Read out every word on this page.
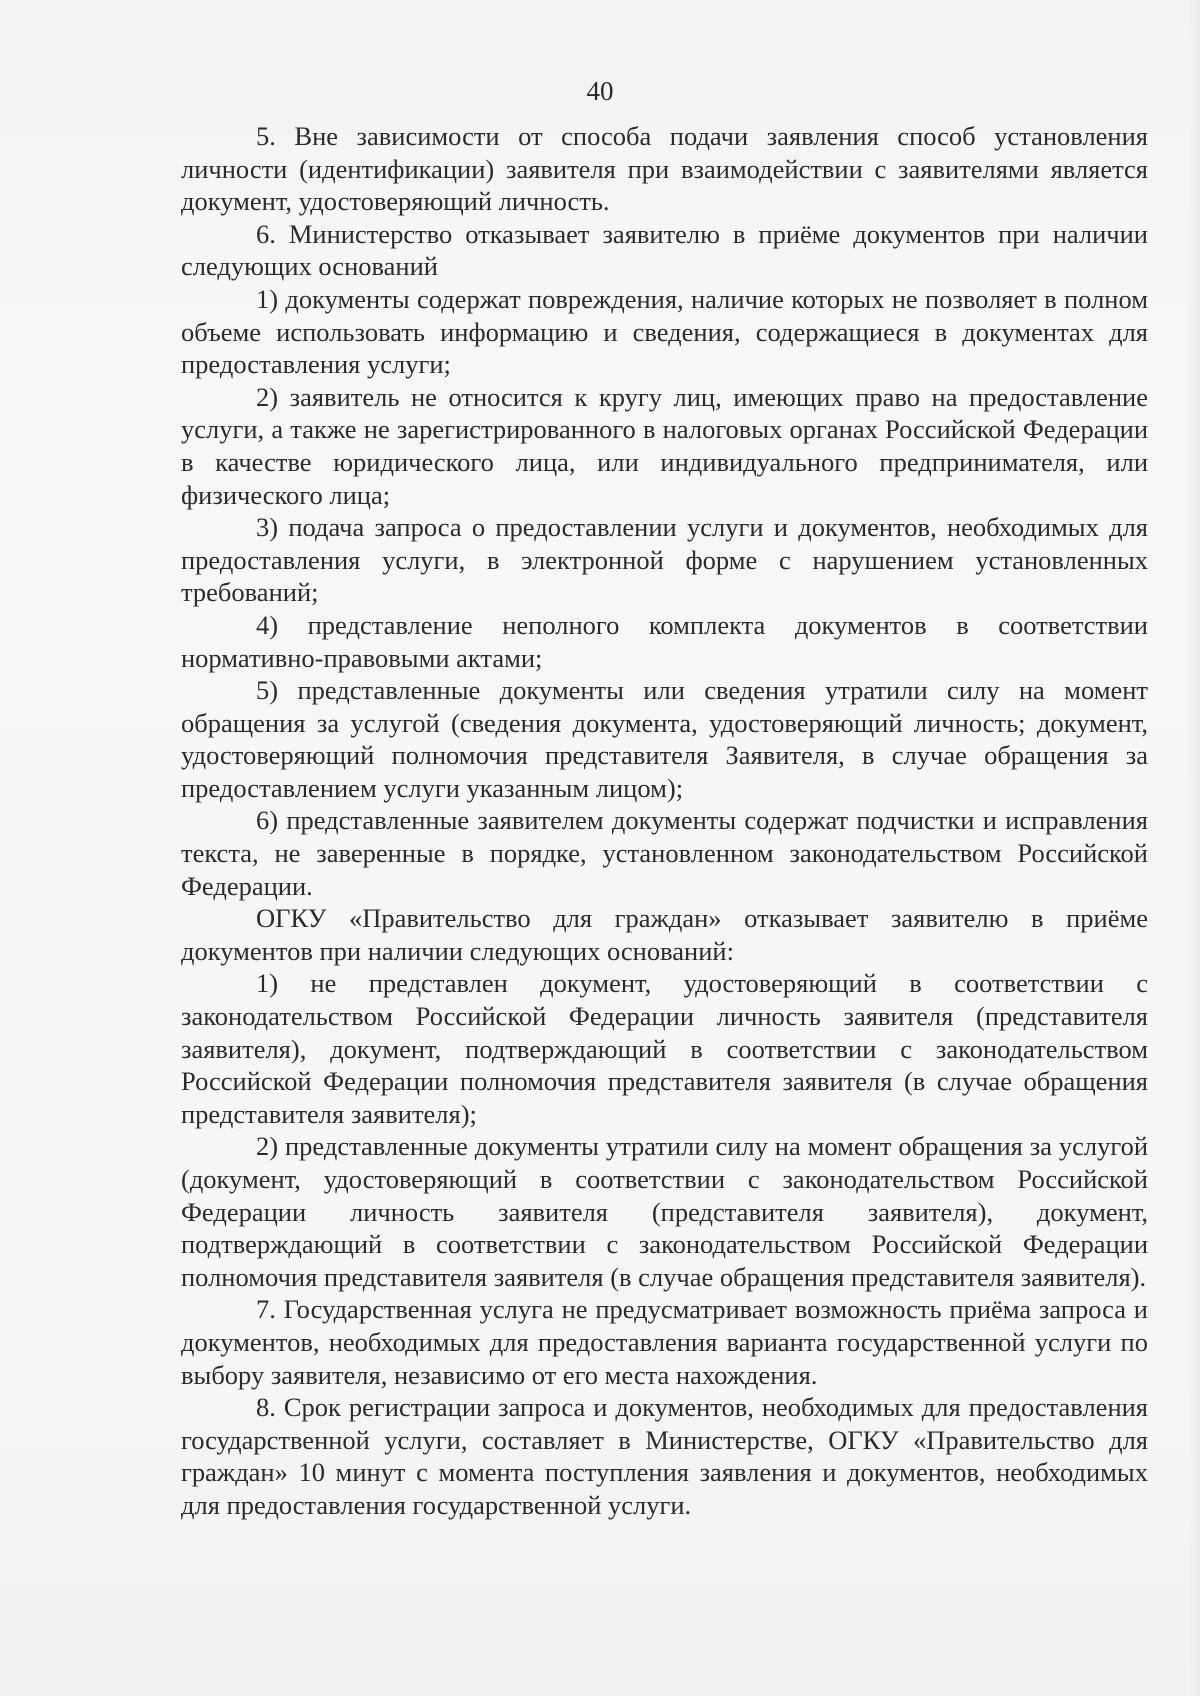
40

5. Вне зависимости от способа подачи заявления способ установления личности (идентификации) заявителя при взаимодействии с заявителями является документ, удостоверяющий личность.

6. Министерство отказывает заявителю в приёме документов при наличии следующих оснований

1) документы содержат повреждения, наличие которых не позволяет в полном объеме использовать информацию и сведения, содержащиеся в документах для предоставления услуги;

2) заявитель не относится к кругу лиц, имеющих право на предоставление услуги, а также не зарегистрированного в налоговых органах Российской Федерации в качестве юридического лица, или индивидуального предпринимателя, или физического лица;

3) подача запроса о предоставлении услуги и документов, необходимых для предоставления услуги, в электронной форме с нарушением установленных требований;

4) представление неполного комплекта документов в соответствии нормативно-правовыми актами;

5) представленные документы или сведения утратили силу на момент обращения за услугой (сведения документа, удостоверяющий личность; документ, удостоверяющий полномочия представителя Заявителя, в случае обращения за предоставлением услуги указанным лицом);

6) представленные заявителем документы содержат подчистки и исправления текста, не заверенные в порядке, установленном законодательством Российской Федерации.

ОГКУ «Правительство для граждан» отказывает заявителю в приёме документов при наличии следующих оснований:

1) не представлен документ, удостоверяющий в соответствии с законодательством Российской Федерации личность заявителя (представителя заявителя), документ, подтверждающий в соответствии с законодательством Российской Федерации полномочия представителя заявителя (в случае обращения представителя заявителя);

2) представленные документы утратили силу на момент обращения за услугой (документ, удостоверяющий в соответствии с законодательством Российской Федерации личность заявителя (представителя заявителя), документ, подтверждающий в соответствии с законодательством Российской Федерации полномочия представителя заявителя (в случае обращения представителя заявителя).

7. Государственная услуга не предусматривает возможность приёма запроса и документов, необходимых для предоставления варианта государственной услуги по выбору заявителя, независимо от его места нахождения.

8. Срок регистрации запроса и документов, необходимых для предоставления государственной услуги, составляет в Министерстве, ОГКУ «Правительство для граждан» 10 минут с момента поступления заявления и документов, необходимых для предоставления государственной услуги.
